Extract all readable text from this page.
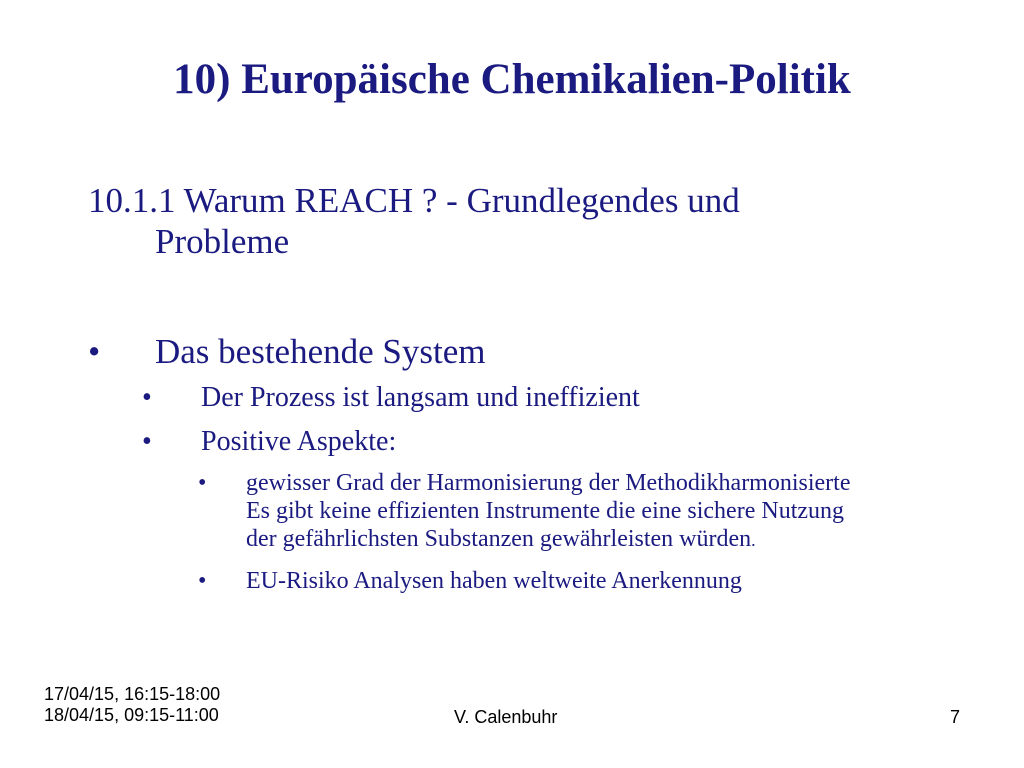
10) Europäische Chemikalien-Politik
10.1.1 Warum REACH ? - Grundlegendes und
Probleme
• Das bestehende System
• Der Prozess ist langsam und ineffizient
• Positive Aspekte:
• gewisser Grad der Harmonisierung der Methodikharmonisierte
Es gibt keine effizienten Instrumente die eine sichere Nutzung
der gefährlichsten Substanzen gewährleisten würden.
• EU-Risiko Analysen haben weltweite Anerkennung
17/04/15, 16:15-18:00
18/04/15, 09:15-11:00	V. Calenbuhr	7
